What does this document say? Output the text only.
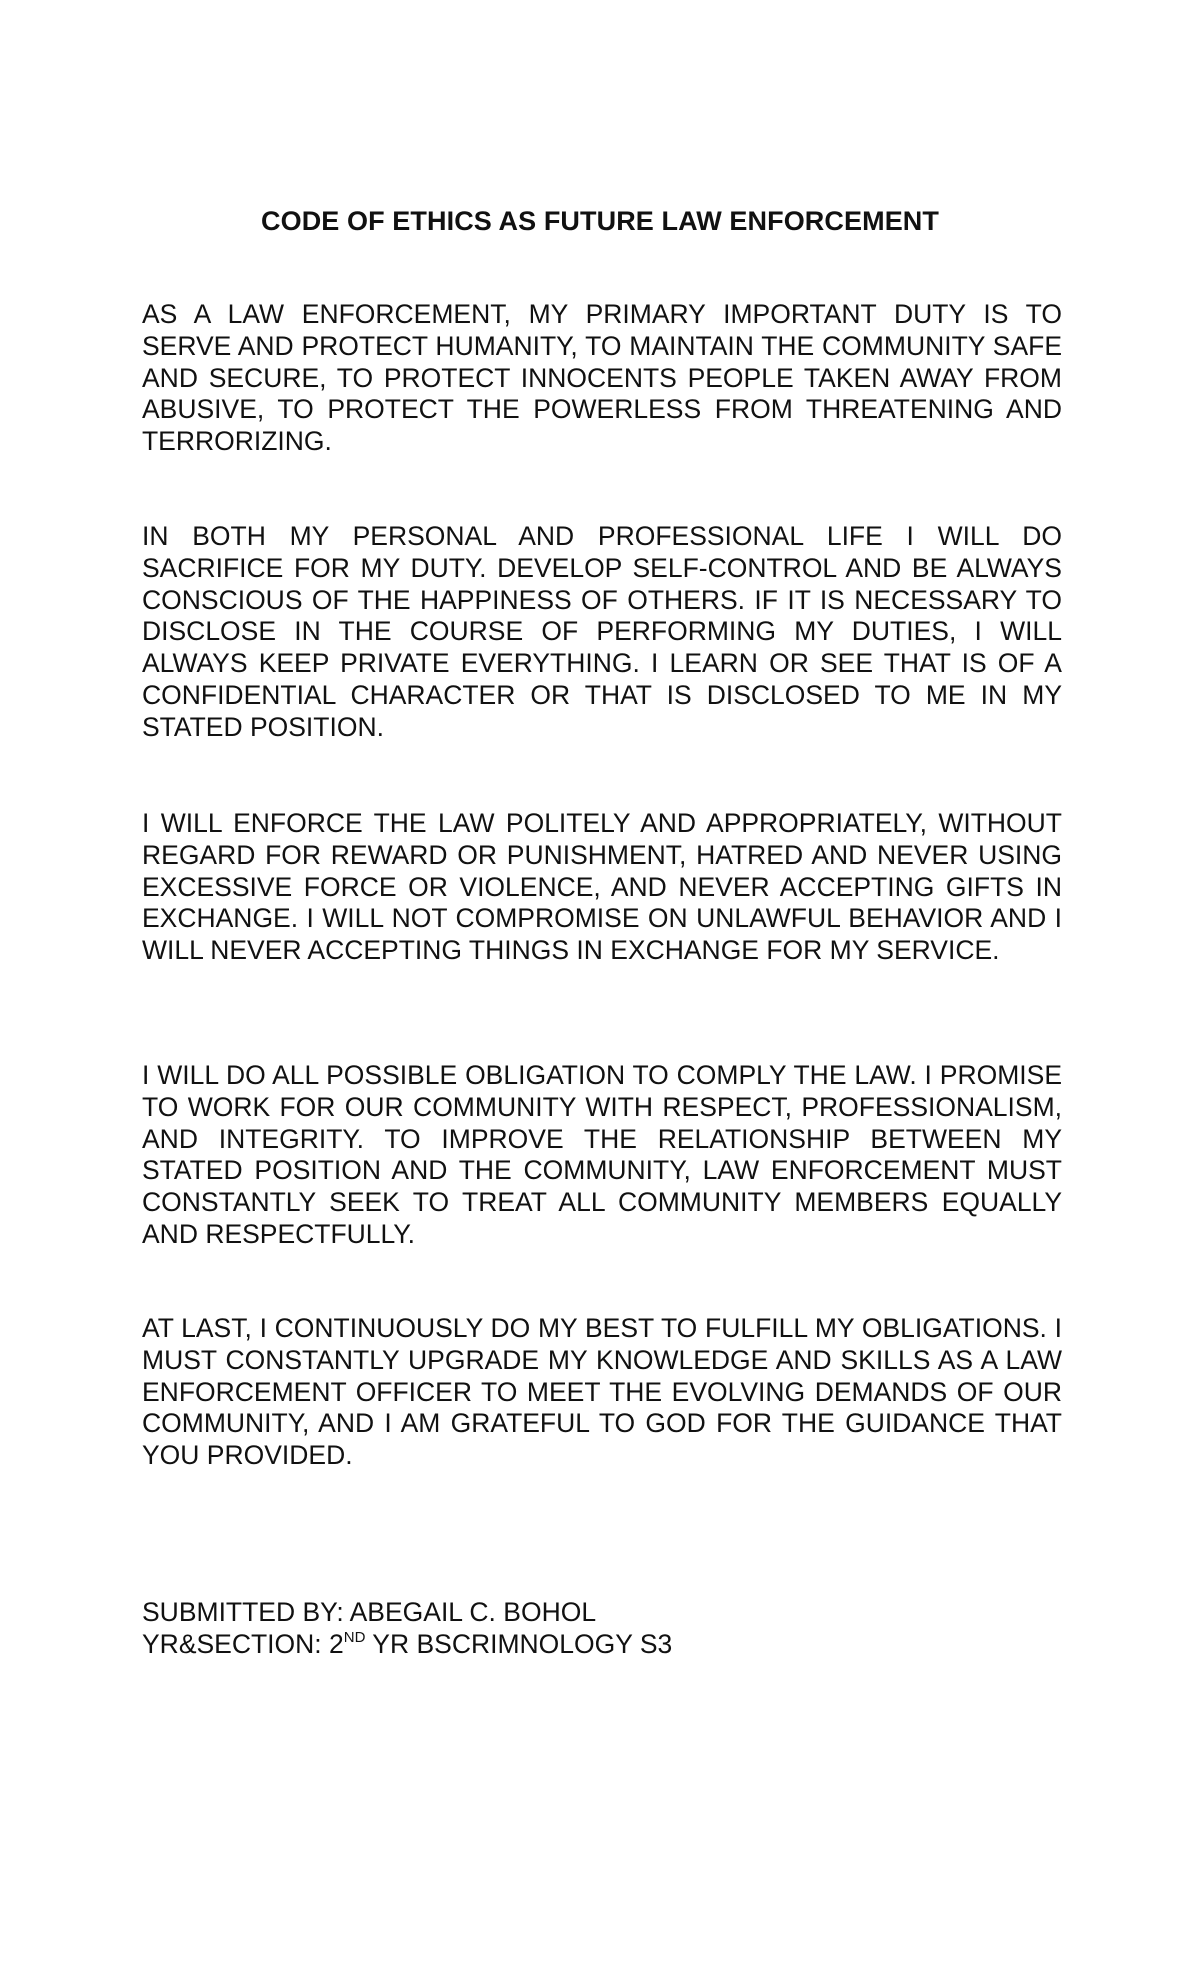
CODE OF ETHICS AS FUTURE LAW ENFORCEMENT

AS A LAW ENFORCEMENT, MY PRIMARY IMPORTANT DUTY IS TO SERVE AND PROTECT HUMANITY, TO MAINTAIN THE COMMUNITY SAFE AND SECURE, TO PROTECT INNOCENTS PEOPLE TAKEN AWAY FROM ABUSIVE, TO PROTECT THE POWERLESS FROM THREATENING AND TERRORIZING.

IN BOTH MY PERSONAL AND PROFESSIONAL LIFE I WILL DO SACRIFICE FOR MY DUTY. DEVELOP SELF-CONTROL AND BE ALWAYS CONSCIOUS OF THE HAPPINESS OF OTHERS. IF IT IS NECESSARY TO DISCLOSE IN THE COURSE OF PERFORMING MY DUTIES, I WILL ALWAYS KEEP PRIVATE EVERYTHING. I LEARN OR SEE THAT IS OF A CONFIDENTIAL CHARACTER OR THAT IS DISCLOSED TO ME IN MY STATED POSITION.

I WILL ENFORCE THE LAW POLITELY AND APPROPRIATELY, WITHOUT REGARD FOR REWARD OR PUNISHMENT, HATRED AND NEVER USING EXCESSIVE FORCE OR VIOLENCE, AND NEVER ACCEPTING GIFTS IN EXCHANGE. I WILL NOT COMPROMISE ON UNLAWFUL BEHAVIOR AND I WILL NEVER ACCEPTING THINGS IN EXCHANGE FOR MY SERVICE.

I WILL DO ALL POSSIBLE OBLIGATION TO COMPLY THE LAW. I PROMISE TO WORK FOR OUR COMMUNITY WITH RESPECT, PROFESSIONALISM, AND INTEGRITY. TO IMPROVE THE RELATIONSHIP BETWEEN MY STATED POSITION AND THE COMMUNITY, LAW ENFORCEMENT MUST CONSTANTLY SEEK TO TREAT ALL COMMUNITY MEMBERS EQUALLY AND RESPECTFULLY.

AT LAST, I CONTINUOUSLY DO MY BEST TO FULFILL MY OBLIGATIONS. I MUST CONSTANTLY UPGRADE MY KNOWLEDGE AND SKILLS AS A LAW ENFORCEMENT OFFICER TO MEET THE EVOLVING DEMANDS OF OUR COMMUNITY, AND I AM GRATEFUL TO GOD FOR THE GUIDANCE THAT YOU PROVIDED.

SUBMITTED BY: ABEGAIL C. BOHOL
YR&SECTION: 2ND YR BSCRIMNOLOGY S3
